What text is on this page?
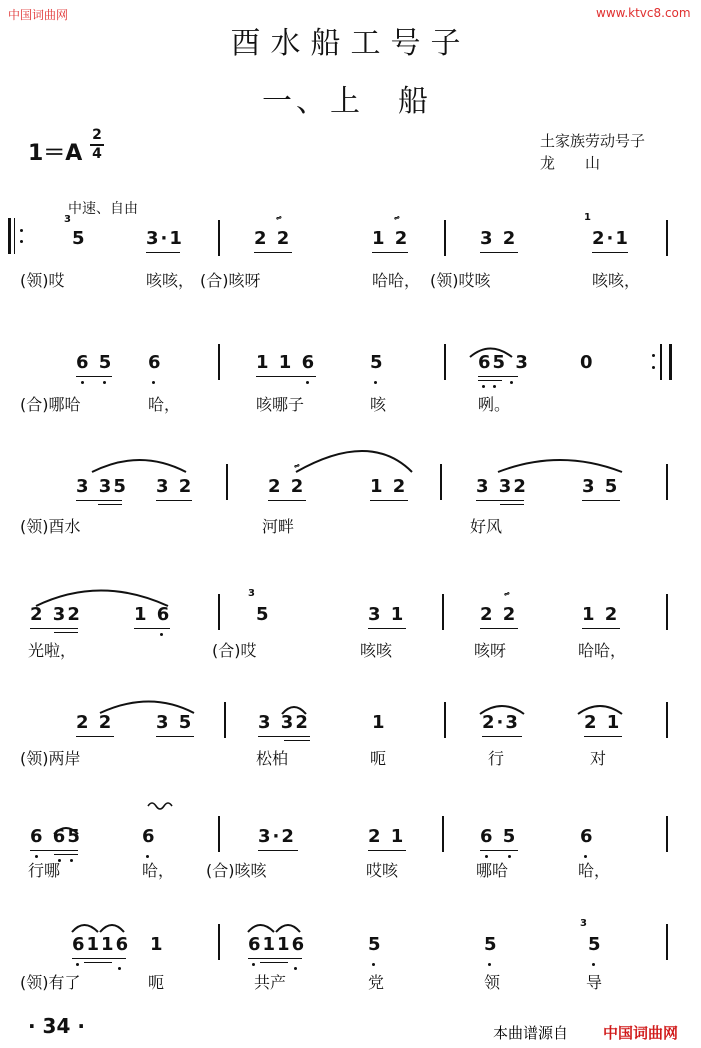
中国词曲网	www.ktvc8.com
酉水船工号子
一、上　船
1＝A
2
4
土家族劳动号子
龙　　山
中速、自由
3
5	3·1
𝆗
2 2
𝆗
1 2	3 2
1
2·1
(领)哎	咳咳， (合)咳呀	哈哈， (领)哎咳	咳咳，
6 5 6	1 1 6	5	65 3	0
(合)哪哈	哈，	咳哪子	咳	咧。
3 35 3 2
𝆗
2 2	1 2	3 32	3 5
(领)酉水	河畔	好风
2 32	1 6
3
5	3 1
𝆗
2 2	1 2
光啦，	(合)哎	咳咳	咳呀	哈哈，
2 2 3 5	3 32	1	2·3	2 1
(领)两岸	松柏	呃	行	对
6 65	6	3·2	2 1	6 5	6
行哪	哈， (合)咳咳	哎咳	哪哈	哈，
6116 1	6116	5	5
3
5
(领)有了	呃	共产	党	领	导
· 34 ·	本曲谱源自 中国词曲网
